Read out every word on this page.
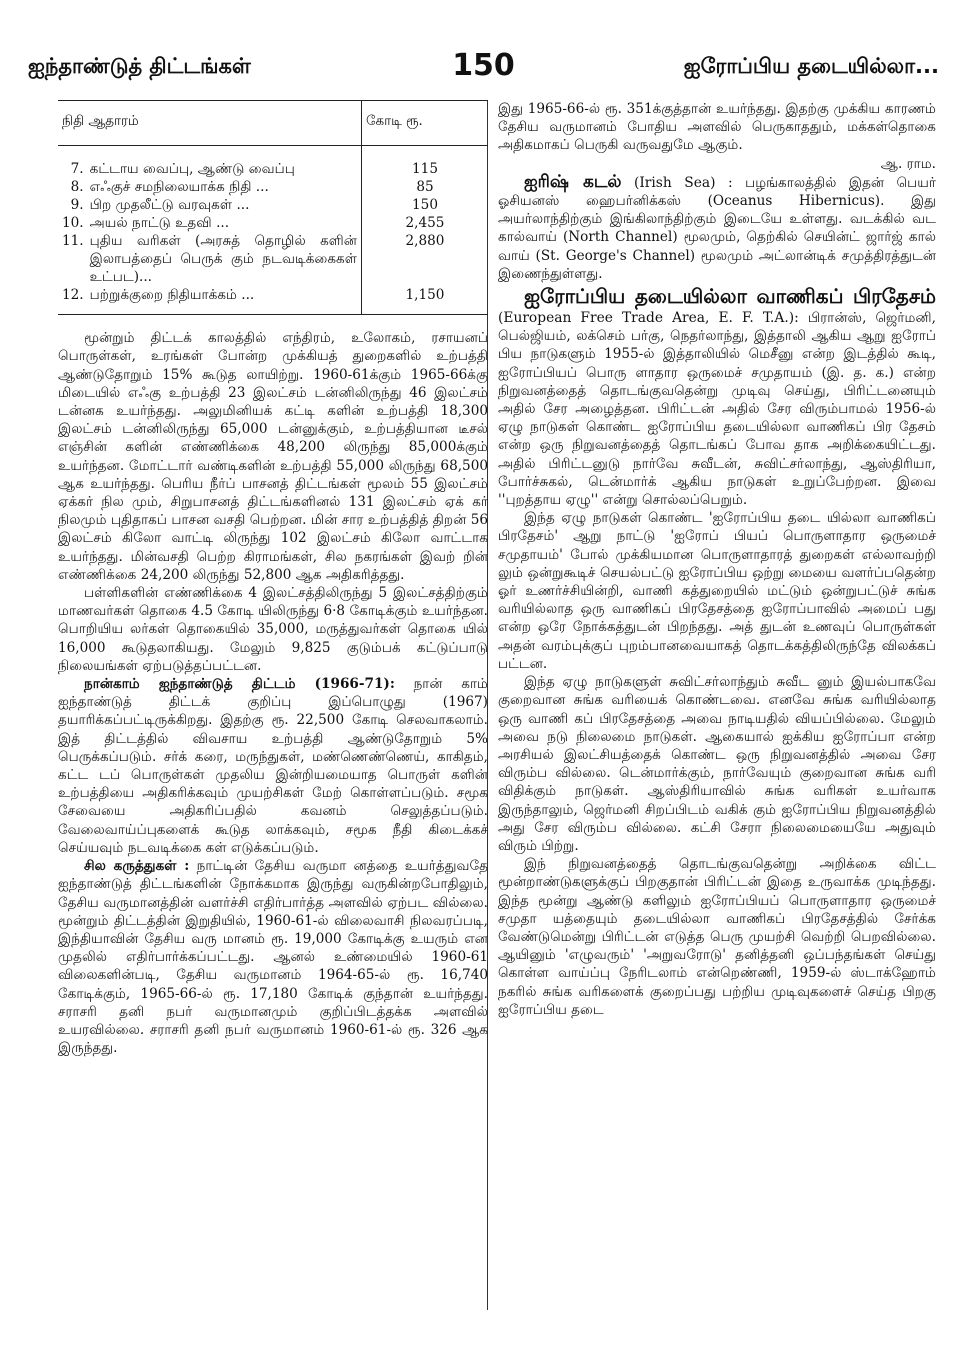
ஐந்தாண்டுத் திட்டங்கள்	150	ஐரோப்பிய தடையில்லா...
நிதி ஆதாரம்		கோடி ரூ.
7.	கட்டாய வைப்பு, ஆண்டு வைப்பு	115
8.	எஃகுச் சமநிலையாக்க நிதி ...	85
9.	பிற முதலீட்டு வரவுகள் ...	150
10.	அயல் நாட்டு உதவி ...	2,455
11.	புதிய வரிகள் (அரசுத் தொழில் களின் இலாபத்தைப் பெருக் கும் நடவடிக்கைகள் உட்பட)...	2,880
12.	பற்றுக்குறை நிதியாக்கம் ...	1,150

மூன்றும் திட்டக் காலத்தில் எந்திரம், உலோகம், ரசாயனப் பொருள்கள், உரங்கள் போன்ற முக்கியத் துறைகளில் உற்பத்தி ஆண்டுதோறும் 15% கூடுத லாயிற்று. 1960-61க்கும் 1965-66க்கு மிடையில் எஃகு உற்பத்தி 23 இலட்சம் டன்னிலிருந்து 46 இலட்சம் டன்னக உயர்ந்தது. அலுமினியக் கட்டி களின் உற்பத்தி 18,300 இலட்சம் டன்னிலிருந்து 65,000 டன்னுக்கும், உற்பத்தியான டீசல் எஞ்சின் களின் எண்ணிக்கை 48,200 லிருந்து 85,000க்கும் உயர்ந்தன. மோட்டார் வண்டிகளின் உற்பத்தி 55,000 லிருந்து 68,500 ஆக உயர்ந்தது. பெரிய நீர்ப் பாசனத் திட்டங்கள் மூலம் 55 இலட்சம் ஏக்கர் நில மும், சிறுபாசனத் திட்டங்களினல் 131 இலட்சம் ஏக் கர் நிலமும் புதிதாகப் பாசன வசதி பெற்றன. மின் சார உற்பத்தித் திறன் 56 இலட்சம் கிலோ வாட்டி லிருந்து 102 இலட்சம் கிலோ வாட்டாக உயர்ந்தது. மின்வசதி பெற்ற கிராமங்கள், சில நகரங்கள் இவற் றின் எண்ணிக்கை 24,200 லிருந்து 52,800 ஆக அதிகரித்தது.

பள்ளிகளின் எண்ணிக்கை 4 இலட்சத்திலிருந்து 5 இலட்சத்திற்கும் மாணவர்கள் தொகை 4.5 கோடி யிலிருந்து 6·8 கோடிக்கும் உயர்ந்தன. பொறியிய லர்கள் தொகையில் 35,000, மருத்துவர்கள் தொகை யில் 16,000 கூடுதலாகியது. மேலும் 9,825 குடும்பக் கட்டுப்பாடு நிலையங்கள் ஏற்படுத்தப்பட்டன.

நான்காம் ஐந்தாண்டுத் திட்டம் (1966-71): நான் காம் ஐந்தாண்டுத் திட்டக் குறிப்பு இப்பொழுது (1967) தயாரிக்கப்பட்டிருக்கிறது. இதற்கு ரூ. 22,500 கோடி செலவாகலாம். இத் திட்டத்தில் விவசாய உற்பத்தி ஆண்டுதோறும் 5% பெருக்கப்படும். சர்க் கரை, மருந்துகள், மண்ணெண்ணெய், காகிதம், கட்ட டப் பொருள்கள் முதலிய இன்றியமையாத பொருள் களின் உற்பத்தியை அதிகரிக்கவும் முயற்சிகள் மேற் கொள்ளப்படும். சமூக சேவையை அதிகரிப்பதில் கவனம் செலுத்தப்படும். வேலைவாய்ப்புகளைக் கூடுத லாக்கவும், சமூக நீதி கிடைக்கச் செய்யவும் நடவடிக்கை கள் எடுக்கப்படும்.

சில கருத்துகள் : நாட்டின் தேசிய வருமா னத்தை உயர்த்துவதே ஐந்தாண்டுத் திட்டங்களின் நோக்கமாக இருந்து வருகின்றபோதிலும், தேசிய வருமானத்தின் வளர்ச்சி எதிர்பார்த்த அளவில் ஏற்பட வில்லை. மூன்றும் திட்டத்தின் இறுதியில், 1960-61-ல் விலைவாசி நிலவரப்படி, இந்தியாவின் தேசிய வரு மானம் ரூ. 19,000 கோடிக்கு உயரும் என முதலில் எதிர்பார்க்கப்பட்டது. ஆனல் உண்மையில் 1960-61 விலைகளின்படி, தேசிய வருமானம் 1964-65-ல் ரூ. 16,740 கோடிக்கும், 1965-66-ல் ரூ. 17,180 கோடிக் குந்தான் உயர்ந்தது. சராசரி தனி நபர் வருமானமும் குறிப்பிடத்தக்க அளவில் உயரவில்லை. சராசரி தனி நபர் வருமானம் 1960-61-ல் ரூ. 326 ஆக இருந்தது.

இது 1965-66-ல் ரூ. 351க்குத்தான் உயர்ந்தது. இதற்கு முக்கிய காரணம் தேசிய வருமானம் போதிய அளவில் பெருகாததும், மக்கள்தொகை அதிகமாகப் பெருகி வருவதுமே ஆகும்.

ஆ. ராம.

ஐரிஷ் கடல் (Irish Sea) : பழங்காலத்தில் இதன் பெயர் ஓசியனஸ் ஹைபர்னிக்கஸ் (Oceanus Hibernicus). இது அயர்லாந்திற்கும் இங்கிலாந்திற்கும் இடையே உள்ளது. வடக்கில் வட கால்வாய் (North Channel) மூலமும், தெற்கில் செயின்ட் ஜார்ஜ் கால் வாய் (St. George's Channel) மூலமும் அட்லான்டிக் சமுத்திரத்துடன் இணைந்துள்ளது.

ஐரோப்பிய தடையில்லா வாணிகப் பிரதேசம் (European Free Trade Area, E. F. T.A.): பிரான்ஸ், ஜெர்மனி, பெல்ஜியம், லக்செம் பர்கு, நெதர்லாந்து, இத்தாலி ஆகிய ஆறு ஐரோப் பிய நாடுகளும் 1955-ல் இத்தாலியில் மெசீனு என்ற இடத்தில் கூடி, ஐரோப்பியப் பொரு ளாதார ஒருமைச் சமுதாயம் (இ. த. க.) என்ற நிறுவனத்தைத் தொடங்குவதென்று முடிவு செய்து, பிரிட்டனையும் அதில் சேர அழைத்தன. பிரிட்டன் அதில் சேர விரும்பாமல் 1956-ல் ஏழு நாடுகள் கொண்ட ஐரோப்பிய தடையில்லா வாணிகப் பிர தேசம் என்ற ஒரு நிறுவனத்தைத் தொடங்கப் போவ தாக அறிக்கையிட்டது. அதில் பிரிட்டனுடு நார்வே சுவீடன், சுவிட்சர்லாந்து, ஆஸ்திரியா, போர்ச்சுகல், டென்மார்க் ஆகிய நாடுகள் உறுப்பேற்றன. இவை ''புறத்தாய ஏழு'' என்று சொல்லப்பெறும்.

இந்த ஏழு நாடுகள் கொண்ட 'ஐரோப்பிய தடை யில்லா வாணிகப் பிரதேசம்' ஆறு நாட்டு 'ஐரோப் பியப் பொருளாதார ஒருமைச் சமுதாயம்' போல் முக்கியமான பொருளாதாரத் துறைகள் எல்லாவற்றி லும் ஒன்றுகூடிச் செயல்பட்டு ஐரோப்பிய ஒற்று மையை வளர்ப்பதென்ற ஓர் உணர்ச்சியின்றி, வாணி கத்துறையில் மட்டும் ஒன்றுபட்டுச் சுங்க வரியில்லாத ஒரு வாணிகப் பிரதேசத்தை ஐரோப்பாவில் அமைப் பது என்ற ஒரே நோக்கத்துடன் பிறந்தது. அத் துடன் உணவுப் பொருள்கள் அதன் வரம்புக்குப் புறம்பானவையாகத் தொடக்கத்திலிருந்தே விலக்கப் பட்டன.

இந்த ஏழு நாடுகளுள் சுவிட்சர்லாந்தும் சுவீட னும் இயல்பாகவே குறைவான சுங்க வரியைக் கொண்டவை. எனவே சுங்க வரியில்லாத ஒரு வாணி கப் பிரதேசத்தை அவை நாடியதில் வியப்பில்லை. மேலும் அவை நடு நிலைமை நாடுகள். ஆகையால் ஐக்கிய ஐரோப்பா என்ற அரசியல் இலட்சியத்தைக் கொண்ட ஒரு நிறுவனத்தில் அவை சேர விரும்ப வில்லை. டென்மார்க்கும், நார்வேயும் குறைவான சுங்க வரி விதிக்கும் நாடுகள். ஆஸ்திரியாவில் சுங்க வரிகள் உயர்வாக இருந்தாலும், ஜெர்மனி சிறப்பிடம் வகிக் கும் ஐரோப்பிய நிறுவனத்தில் அது சேர விரும்ப வில்லை. கட்சி சேரா நிலைமையையே அதுவும் விரும் பிற்று.

இந் நிறுவனத்தைத் தொடங்குவதென்று அறிக்கை விட்ட மூன்றாண்டுகளுக்குப் பிறகுதான் பிரிட்டன் இதை உருவாக்க முடிந்தது. இந்த மூன்று ஆண்டு களிலும் ஐரோப்பியப் பொருளாதார ஒருமைச் சமுதா யத்தையும் தடையில்லா வாணிகப் பிரதேசத்தில் சேர்க்க வேண்டுமென்று பிரிட்டன் எடுத்த பெரு முயற்சி வெற்றி பெறவில்லை. ஆயினும் 'எழுவரும்' 'அறுவரோடு' தனித்தனி ஒப்பந்தங்கள் செய்து கொள்ள வாய்ப்பு நேரிடலாம் என்றெண்ணி, 1959-ல் ஸ்டாக்ஹோம் நகரில் சுங்க வரிகளைக் குறைப்பது பற்றிய முடிவுகளைச் செய்த பிறகு ஐரோப்பிய தடை
